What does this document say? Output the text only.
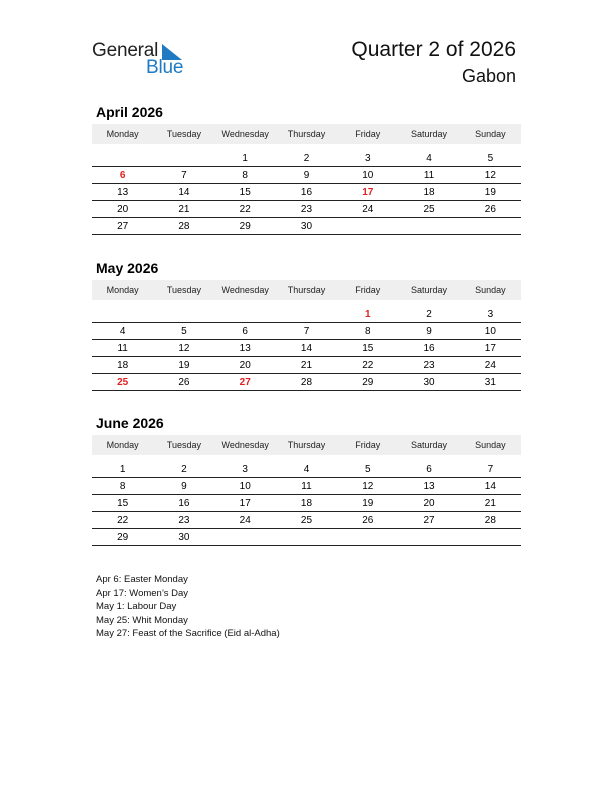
General
Blue
Quarter 2 of 2026
Gabon
April 2026
Monday	Tuesday	Wednesday	Thursday	Friday	Saturday	Sunday

		1	2	3	4	5
6	7	8	9	10	11	12
13	14	15	16	17	18	19
20	21	22	23	24	25	26
27	28	29	30			
May 2026
Monday	Tuesday	Wednesday	Thursday	Friday	Saturday	Sunday

				1	2	3
4	5	6	7	8	9	10
11	12	13	14	15	16	17
18	19	20	21	22	23	24
25	26	27	28	29	30	31
June 2026
Monday	Tuesday	Wednesday	Thursday	Friday	Saturday	Sunday

1	2	3	4	5	6	7
8	9	10	11	12	13	14
15	16	17	18	19	20	21
22	23	24	25	26	27	28
29	30					
Apr 6: Easter Monday
Apr 17: Women’s Day
May 1: Labour Day
May 25: Whit Monday
May 27: Feast of the Sacrifice (Eid al-Adha)
